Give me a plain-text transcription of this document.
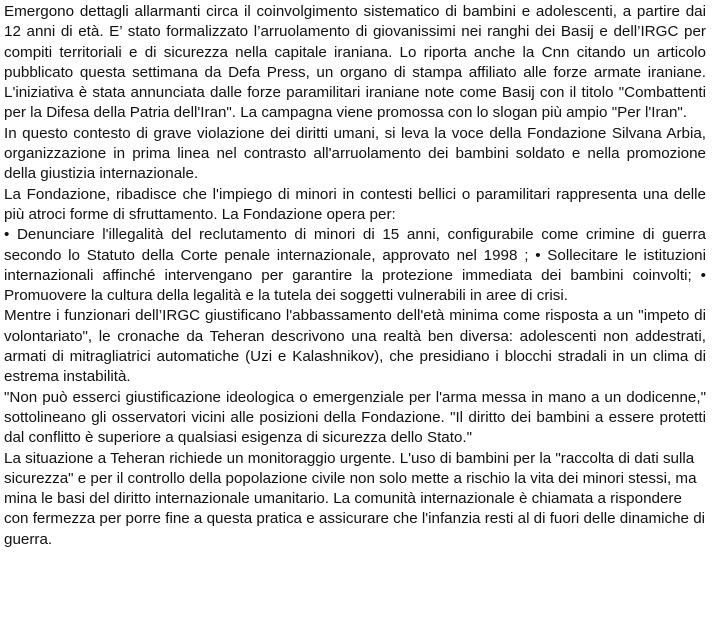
Emergono dettagli allarmanti circa il coinvolgimento sistematico di bambini e adolescenti, a partire dai 12 anni di età. E’ stato formalizzato l’arruolamento di giovanissimi nei ranghi dei Basij e dell’IRGC per compiti territoriali e di sicurezza nella capitale iraniana. Lo riporta anche la Cnn citando un articolo pubblicato questa settimana da Defa Press, un organo di stampa affiliato alle forze armate iraniane. L'iniziativa è stata annunciata dalle forze paramilitari iraniane note come Basij con il titolo "Combattenti per la Difesa della Patria dell'Iran". La campagna viene promossa con lo slogan più ampio "Per l'Iran".

In questo contesto di grave violazione dei diritti umani, si leva la voce della Fondazione Silvana Arbia, organizzazione in prima linea nel contrasto all'arruolamento dei bambini soldato e nella promozione della giustizia internazionale.

La Fondazione, ribadisce che l'impiego di minori in contesti bellici o paramilitari rappresenta una delle più atroci forme di sfruttamento. La Fondazione opera per:

• Denunciare l'illegalità del reclutamento di minori di 15 anni, configurabile come crimine di guerra secondo lo Statuto della Corte penale internazionale, approvato nel 1998 ; • Sollecitare le istituzioni internazionali affinché intervengano per garantire la protezione immediata dei bambini coinvolti; • Promuovere la cultura della legalità e la tutela dei soggetti vulnerabili in aree di crisi.

Mentre i funzionari dell’IRGC giustificano l'abbassamento dell'età minima come risposta a un "impeto di volontariato", le cronache da Teheran descrivono una realtà ben diversa: adolescenti non addestrati, armati di mitragliatrici automatiche (Uzi e Kalashnikov), che presidiano i blocchi stradali in un clima di estrema instabilità.

"Non può esserci giustificazione ideologica o emergenziale per l'arma messa in mano a un dodicenne," sottolineano gli osservatori vicini alle posizioni della Fondazione. "Il diritto dei bambini a essere protetti dal conflitto è superiore a qualsiasi esigenza di sicurezza dello Stato."

La situazione a Teheran richiede un monitoraggio urgente. L'uso di bambini per la "raccolta di dati sulla sicurezza" e per il controllo della popolazione civile non solo mette a rischio la vita dei minori stessi, ma mina le basi del diritto internazionale umanitario. La comunità internazionale è chiamata a rispondere con fermezza per porre fine a questa pratica e assicurare che l'infanzia resti al di fuori delle dinamiche di guerra.
